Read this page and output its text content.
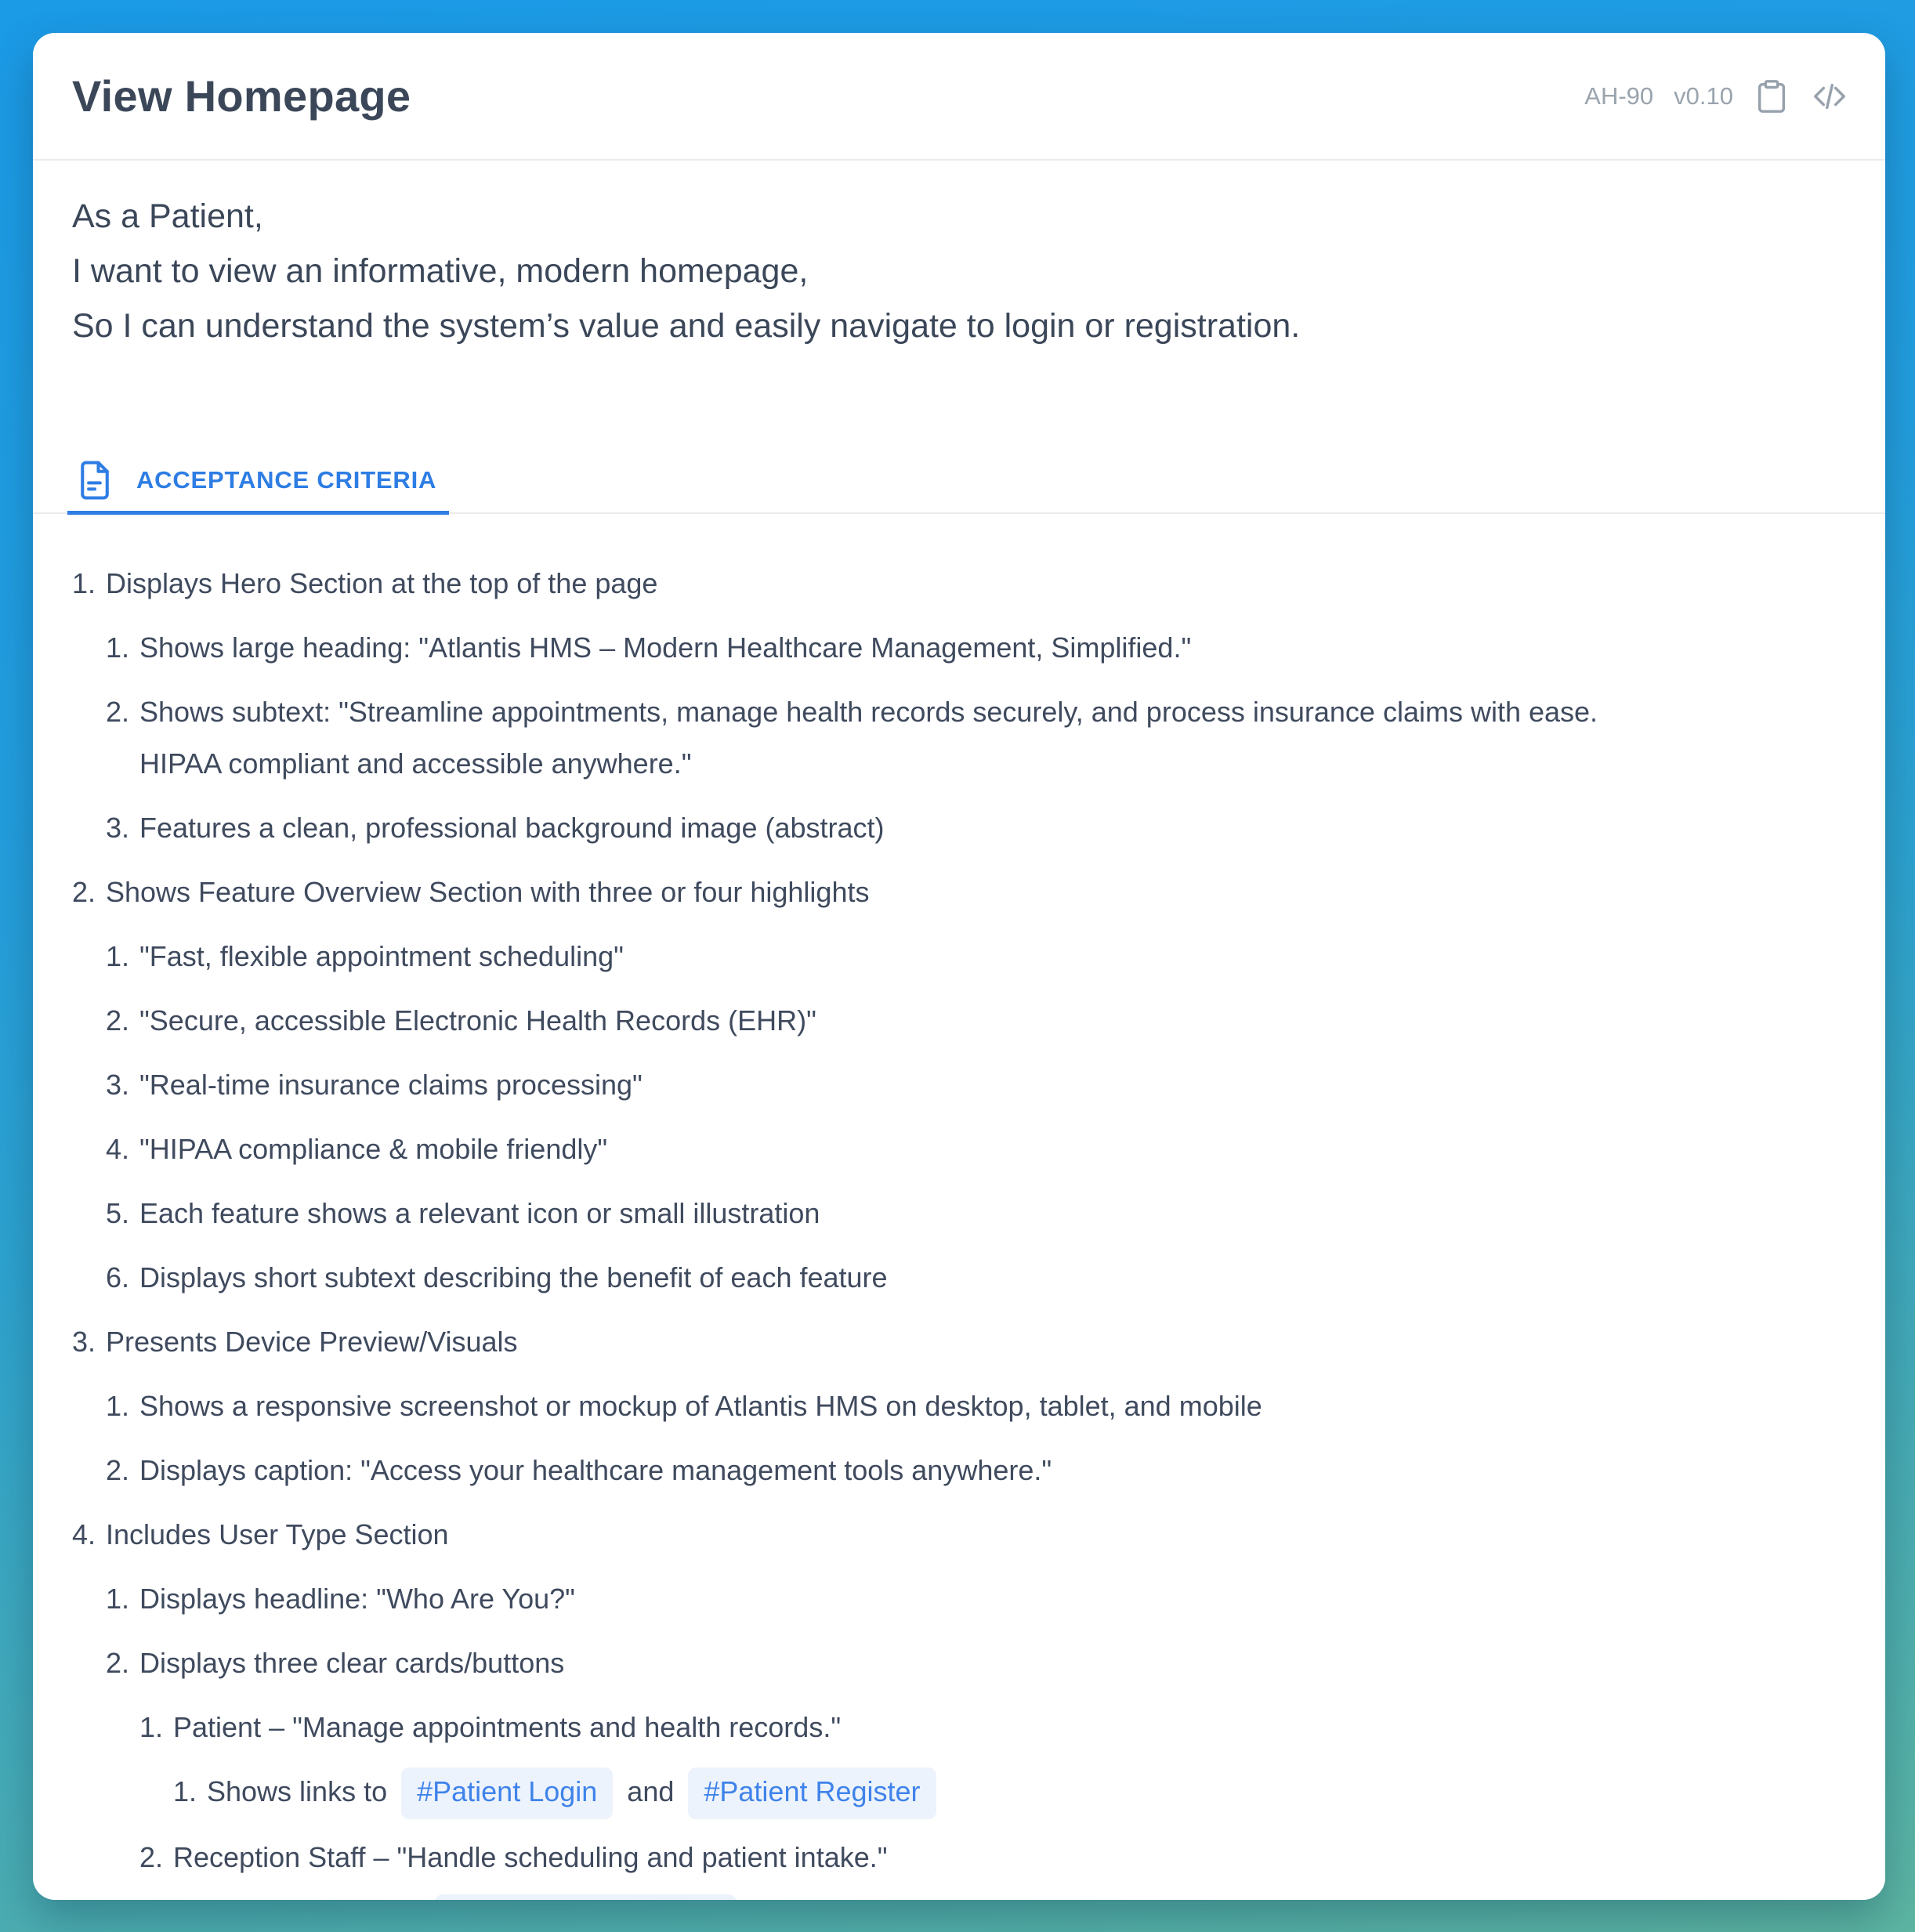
View Homepage	AH-90 v0.10
As a Patient,
I want to view an informative, modern homepage,
So I can understand the system’s value and easily navigate to login or registration.
ACCEPTANCE CRITERIA
1. Displays Hero Section at the top of the page
1. Shows large heading: "Atlantis HMS – Modern Healthcare Management, Simplified."
2. Shows subtext: "Streamline appointments, manage health records securely, and process insurance claims with ease.
HIPAA compliant and accessible anywhere."
3. Features a clean, professional background image (abstract)
2. Shows Feature Overview Section with three or four highlights
1. "Fast, flexible appointment scheduling"
2. "Secure, accessible Electronic Health Records (EHR)"
3. "Real-time insurance claims processing"
4. "HIPAA compliance & mobile friendly"
5. Each feature shows a relevant icon or small illustration
6. Displays short subtext describing the benefit of each feature
3. Presents Device Preview/Visuals
1. Shows a responsive screenshot or mockup of Atlantis HMS on desktop, tablet, and mobile
2. Displays caption: "Access your healthcare management tools anywhere."
4. Includes User Type Section
1. Displays headline: "Who Are You?"
2. Displays three clear cards/buttons
1. Patient – "Manage appointments and health records."
1. Shows links to #Patient Login and #Patient Register
2. Reception Staff – "Handle scheduling and patient intake."
